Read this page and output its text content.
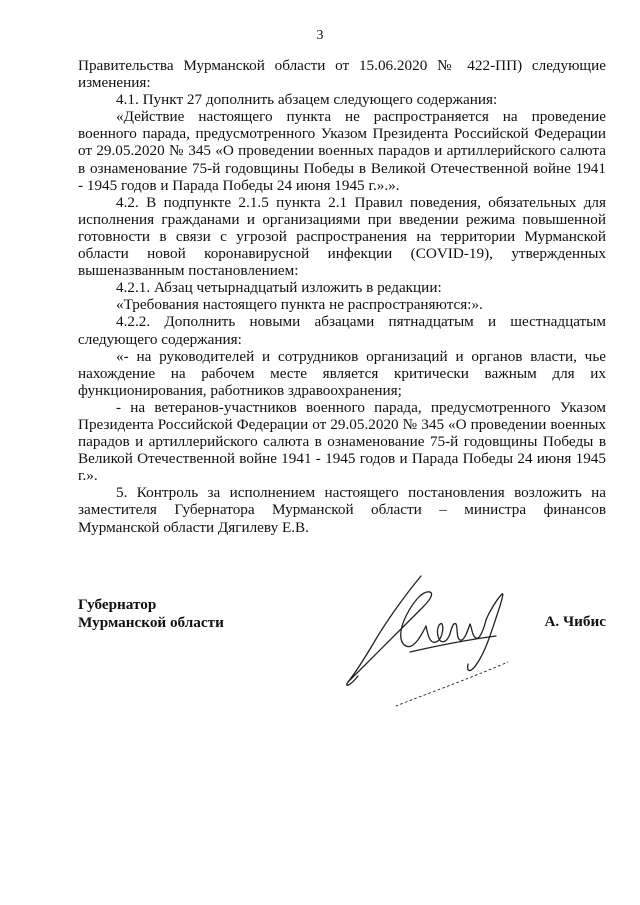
3

Правительства Мурманской области от 15.06.2020 № 422-ПП) следующие изменения:

4.1. Пункт 27 дополнить абзацем следующего содержания:

«Действие настоящего пункта не распространяется на проведение военного парада, предусмотренного Указом Президента Российской Федерации от 29.05.2020 № 345 «О проведении военных парадов и артиллерийского салюта в ознаменование 75-й годовщины Победы в Великой Отечественной войне 1941 - 1945 годов и Парада Победы 24 июня 1945 г.».».

4.2. В подпункте 2.1.5 пункта 2.1 Правил поведения, обязательных для исполнения гражданами и организациями при введении режима повышенной готовности в связи с угрозой распространения на территории Мурманской области новой коронавирусной инфекции (COVID-19), утвержденных вышеназванным постановлением:

4.2.1. Абзац четырнадцатый изложить в редакции:

«Требования настоящего пункта не распространяются:».

4.2.2. Дополнить новыми абзацами пятнадцатым и шестнадцатым следующего содержания:

«- на руководителей и сотрудников организаций и органов власти, чье нахождение на рабочем месте является критически важным для их функционирования, работников здравоохранения;

- на ветеранов-участников военного парада, предусмотренного Указом Президента Российской Федерации от 29.05.2020 № 345 «О проведении военных парадов и артиллерийского салюта в ознаменование 75-й годовщины Победы в Великой Отечественной войне 1941 - 1945 годов и Парада Победы 24 июня 1945 г.».

5. Контроль за исполнением настоящего постановления возложить на заместителя Губернатора Мурманской области – министра финансов Мурманской области Дягилеву Е.В.

Губернатор
Мурманской области	А. Чибис
